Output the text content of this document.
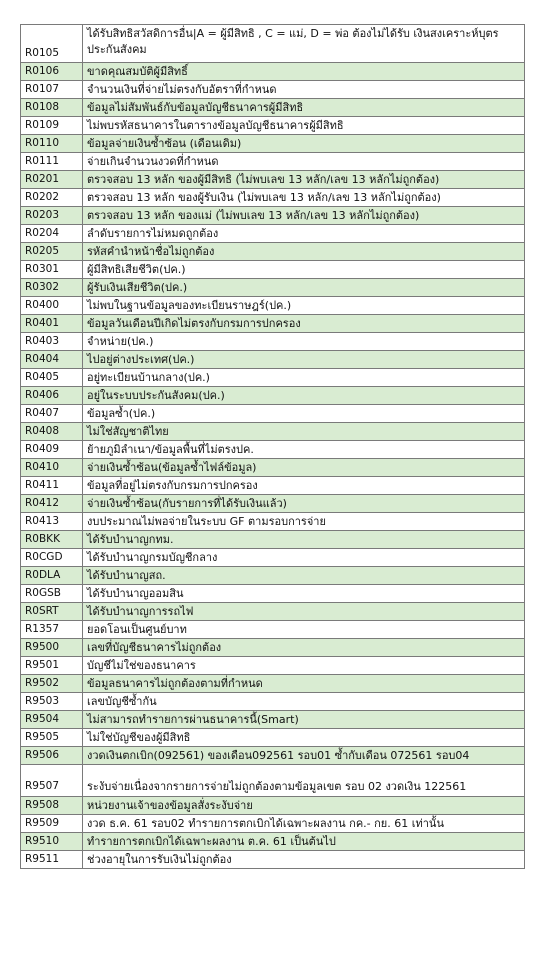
R0105	ได้รับสิทธิสวัสดิการอื่น|A = ผู้มีสิทธิ , C = แม่, D = พ่อ ต้องไม่ได้รับ เงินสงเคราะห์บุตรประกันสังคม
R0106	ขาดคุณสมบัติผู้มีสิทธิ์
R0107	จำนวนเงินที่จ่ายไม่ตรงกับอัตราที่กำหนด
R0108	ข้อมูลไม่สัมพันธ์กับข้อมูลบัญชีธนาคารผู้มีสิทธิ
R0109	ไม่พบรหัสธนาคารในตารางข้อมูลบัญชีธนาคารผู้มีสิทธิ
R0110	ข้อมูลจ่ายเงินซ้ำซ้อน (เดือนเดิม)
R0111	จ่ายเกินจำนวนงวดที่กำหนด
R0201	ตรวจสอบ 13 หลัก ของผู้มีสิทธิ (ไม่พบเลข 13 หลัก/เลข 13 หลักไม่ถูกต้อง)
R0202	ตรวจสอบ 13 หลัก ของผู้รับเงิน (ไม่พบเลข 13 หลัก/เลข 13 หลักไม่ถูกต้อง)
R0203	ตรวจสอบ 13 หลัก ของแม่ (ไม่พบเลข 13 หลัก/เลข 13 หลักไม่ถูกต้อง)
R0204	ลำดับรายการไม่หมดถูกต้อง
R0205	รหัสคำนำหน้าชื่อไม่ถูกต้อง
R0301	ผู้มีสิทธิเสียชีวิต(ปค.)
R0302	ผู้รับเงินเสียชีวิต(ปค.)
R0400	ไม่พบในฐานข้อมูลของทะเบียนราษฎร์(ปค.)
R0401	ข้อมูลวันเดือนปีเกิดไม่ตรงกับกรมการปกครอง
R0403	จำหน่าย(ปค.)
R0404	ไปอยู่ต่างประเทศ(ปค.)
R0405	อยู่ทะเบียนบ้านกลาง(ปค.)
R0406	อยู่ในระบบประกันสังคม(ปค.)
R0407	ข้อมูลซ้ำ(ปค.)
R0408	ไม่ใช่สัญชาติไทย
R0409	ย้ายภูมิลำเนา/ข้อมูลพื้นที่ไม่ตรงปค.
R0410	จ่ายเงินซ้ำซ้อน(ข้อมูลซ้ำไฟล์ข้อมูล)
R0411	ข้อมูลที่อยู่ไม่ตรงกับกรมการปกครอง
R0412	จ่ายเงินซ้ำซ้อน(กับรายการที่ได้รับเงินแล้ว)
R0413	งบประมาณไม่พอจ่ายในระบบ GF ตามรอบการจ่าย
R0BKK	ได้รับบำนาญกทม.
R0CGD	ได้รับบำนาญกรมบัญชีกลาง
R0DLA	ได้รับบำนาญสถ.
R0GSB	ได้รับบำนาญออมสิน
R0SRT	ได้รับบำนาญการรถไฟ
R1357	ยอดโอนเป็นศูนย์บาท
R9500	เลขที่บัญชีธนาคารไม่ถูกต้อง
R9501	บัญชีไม่ใช่ของธนาคาร
R9502	ข้อมูลธนาคารไม่ถูกต้องตามที่กำหนด
R9503	เลขบัญชีซ้ำกัน
R9504	ไม่สามารถทำรายการผ่านธนาคารนี้(Smart)
R9505	ไม่ใช่บัญชีของผู้มีสิทธิ
R9506	งวดเงินตกเบิก(092561) ของเดือน092561 รอบ01 ซ้ำกับเดือน 072561 รอบ04
R9507	ระงับจ่ายเนื่องจากรายการจ่ายไม่ถูกต้องตามข้อมูลเขต รอบ 02 งวดเงิน 122561
R9508	หน่วยงานเจ้าของข้อมูลสั่งระงับจ่าย
R9509	งวด ธ.ค. 61 รอบ02 ทำรายการตกเบิกได้เฉพาะผลงาน กค.- กย. 61 เท่านั้น
R9510	ทำรายการตกเบิกได้เฉพาะผลงาน ต.ค. 61 เป็นต้นไป
R9511	ช่วงอายุในการรับเงินไม่ถูกต้อง
